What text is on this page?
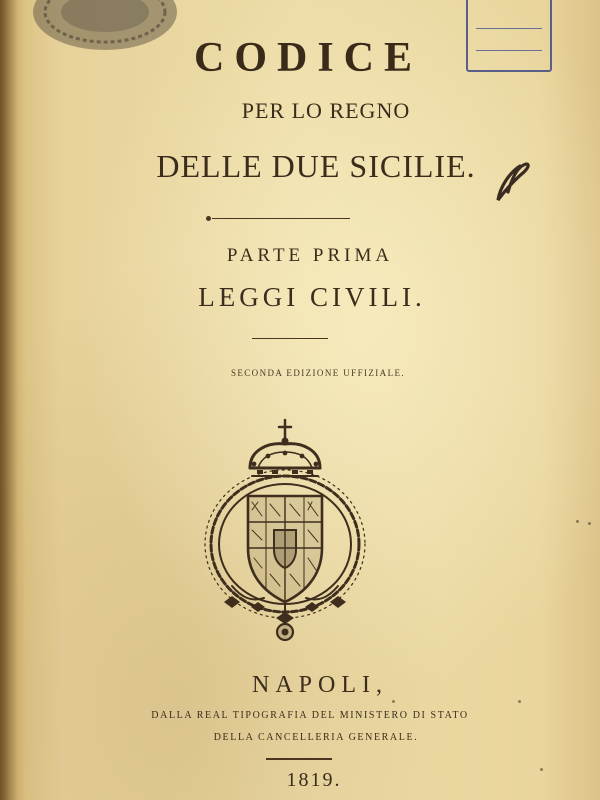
CODICE
PER LO REGNO
DELLE DUE SICILIE.
PARTE PRIMA
LEGGI CIVILI.
SECONDA EDIZIONE UFFIZIALE.
NAPOLI,
DALLA REAL TIPOGRAFIA DEL MINISTERO DI STATO
DELLA CANCELLERIA GENERALE.
1819.
